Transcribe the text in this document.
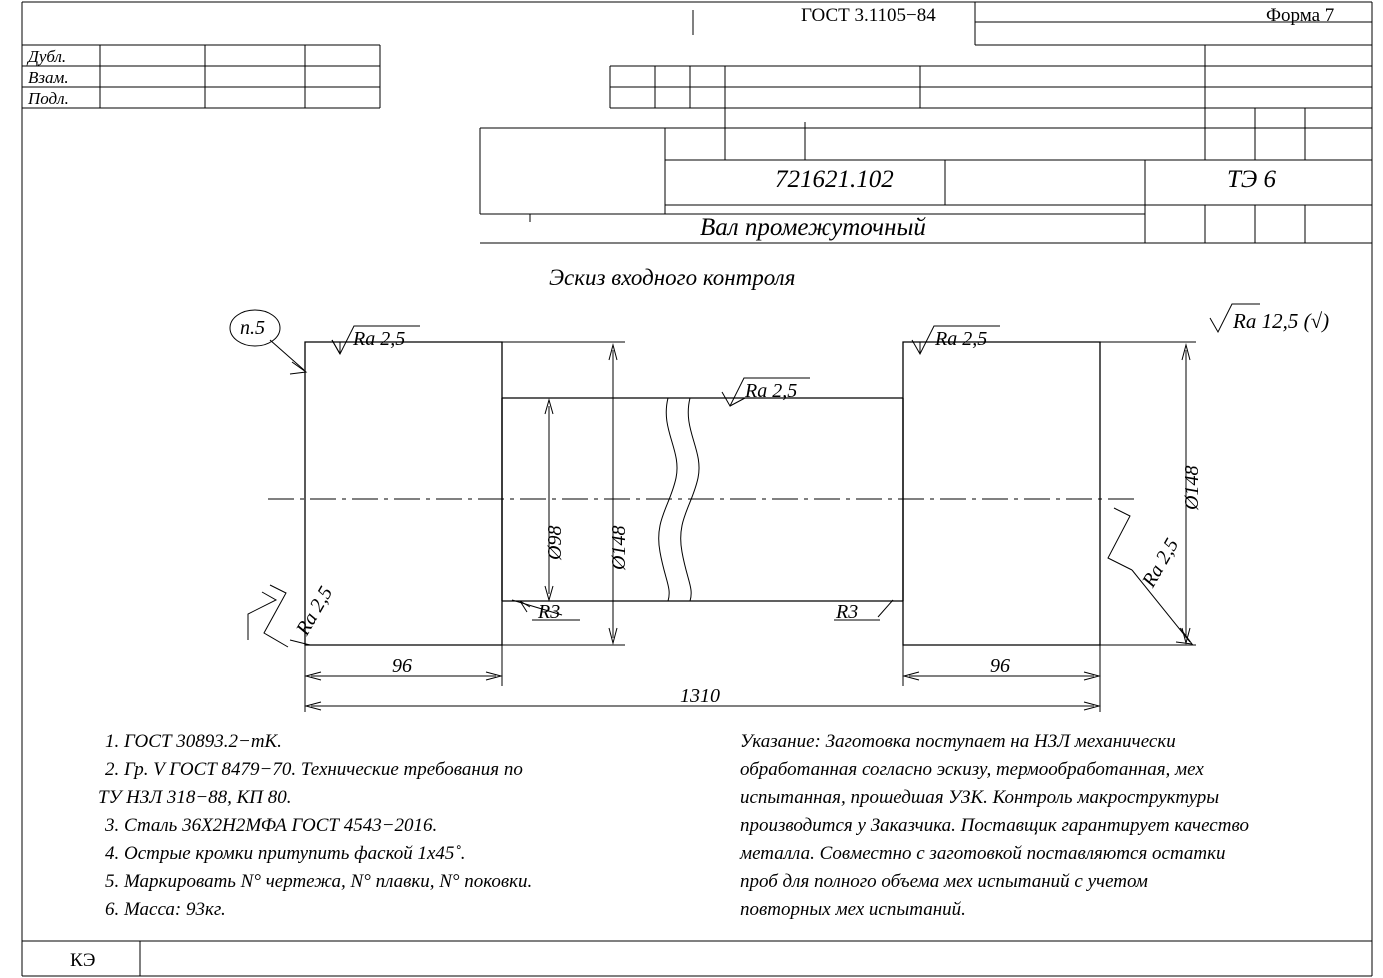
ГОСТ 3.1105−84	Форма 7
Дубл.
Взам.
Подл.
721621.102	ТЭ 6
Вал промежуточный
Эскиз входного контроля
Ra 12,5 (√)
Ra 2,5
Ra 2,5
Ra 2,5
Ra 2,5
Ra 2,5
п.5
Ø98 Ø148
Ø148
96	96
1310
R3	R3
1. ГОСТ 30893.2−тК.
2. Гр. V ГОСТ 8479−70. Технические требования по
ТУ НЗЛ 318−88, КП 80.
3. Сталь 36Х2Н2МФА ГОСТ 4543−2016.
4. Острые кромки притупить фаской 1х45˚.
5. Маркировать N° чертежа, N° плавки, N° поковки.
6. Масса: 93кг.
Указание: Заготовка поступает на НЗЛ механически
обработанная согласно эскизу, термообработанная, мех
испытанная, прошедшая УЗК. Контроль макроструктуры
производится у Заказчика. Поставщик гарантирует качество
металла. Совместно с заготовкой поставляются остатки
проб для полного объема мех испытаний с учетом
повторных мех испытаний.
КЭ
